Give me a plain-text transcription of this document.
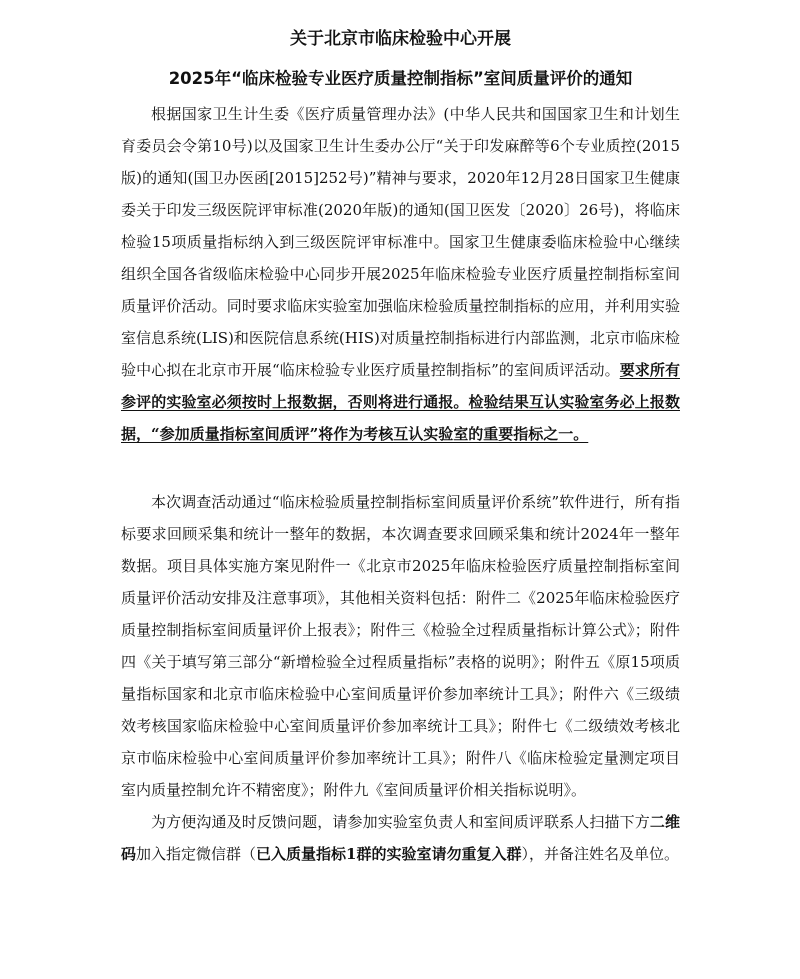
关于北京市临床检验中心开展
2025年“临床检验专业医疗质量控制指标”室间质量评价的通知

根据国家卫生计生委《医疗质量管理办法》(中华人民共和国国家卫生和计划生育委员会令第10号)以及国家卫生计生委办公厅“关于印发麻醉等6个专业质控(2015版)的通知(国卫办医函[2015]252号)”精神与要求，2020年12月28日国家卫生健康委关于印发三级医院评审标准(2020年版)的通知(国卫医发〔2020〕26号)，将临床检验15项质量指标纳入到三级医院评审标准中。国家卫生健康委临床检验中心继续组织全国各省级临床检验中心同步开展2025年临床检验专业医疗质量控制指标室间质量评价活动。同时要求临床实验室加强临床检验质量控制指标的应用，并利用实验室信息系统(LIS)和医院信息系统(HIS)对质量控制指标进行内部监测，北京市临床检验中心拟在北京市开展“临床检验专业医疗质量控制指标”的室间质评活动。要求所有参评的实验室必须按时上报数据，否则将进行通报。检验结果互认实验室务必上报数据，“参加质量指标室间质评”将作为考核互认实验室的重要指标之一。

本次调查活动通过“临床检验质量控制指标室间质量评价系统”软件进行，所有指标要求回顾采集和统计一整年的数据，本次调查要求回顾采集和统计2024年一整年数据。项目具体实施方案见附件一《北京市2025年临床检验医疗质量控制指标室间质量评价活动安排及注意事项》，其他相关资料包括：附件二《2025年临床检验医疗质量控制指标室间质量评价上报表》；附件三《检验全过程质量指标计算公式》；附件四《关于填写第三部分“新增检验全过程质量指标”表格的说明》；附件五《原15项质量指标国家和北京市临床检验中心室间质量评价参加率统计工具》；附件六《三级绩效考核国家临床检验中心室间质量评价参加率统计工具》；附件七《二级绩效考核北京市临床检验中心室间质量评价参加率统计工具》；附件八《临床检验定量测定项目室内质量控制允许不精密度》；附件九《室间质量评价相关指标说明》。

为方便沟通及时反馈问题，请参加实验室负责人和室间质评联系人扫描下方二维码加入指定微信群（已入质量指标1群的实验室请勿重复入群），并备注姓名及单位。
